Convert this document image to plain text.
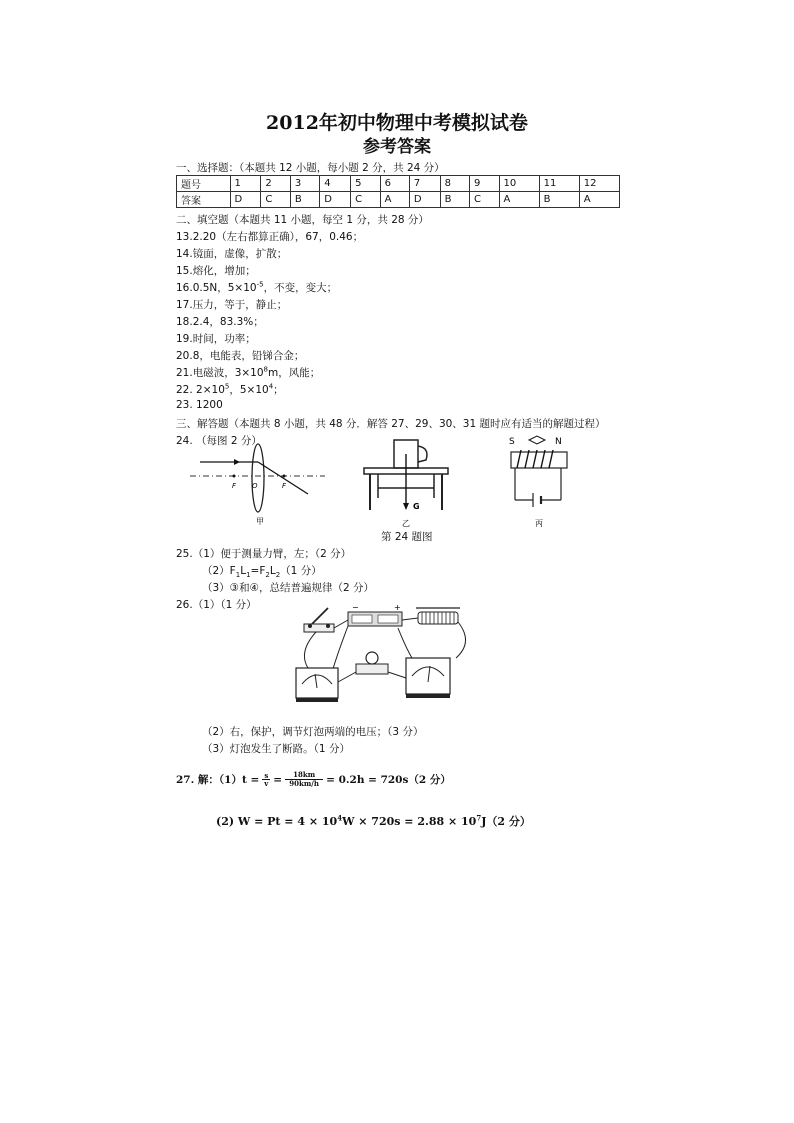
2012年初中物理中考模拟试卷
参考答案
一、选择题：（本题共 12 小题，每小题 2 分，共 24 分）
题号	1	2	3	4	5	6	7	8	9	10	11	12
答案	D	C	B	D	C	A	D	B	C	A	B	A
二、填空题（本题共 11 小题，每空 1 分，共 28 分）
13.2.20（左右都算正确），67，0.46；
14.镜面，虚像，扩散；
15.熔化，增加；
16.0.5N，$5\times 10^{-5}$，不变，变大；
17.压力，等于，静止；
18.2.4，83.3%；
19.时间，功率；
20.8，电能表，铅锑合金；
21.电磁波，$3\times 10^8m$，风能；
22. $2\times 10^5$，$5\times 10^4$；
23. 1200
三、解答题（本题共 8 小题，共 48 分．解答 27、29、30、31 题时应有适当的解题过程）
24. （每图 2 分）
F O	F
甲
G
乙
S	N
丙
第 24 题图
25.（1）便于测量力臂，左；（2 分）
$(2)F_1L_1=F_2L_2(1$ 分）
（3）③和④，总结普遍规律（2 分）
26.（1）（1 分）	−	+
（2）右，保护，调节灯泡两端的电压；（3 分）
（3）灯泡发生了断路。（1 分）
27. 解：（1）t = s
v = 18km
90km/h = 0.2h = 720s（2 分）
(2) $W = Pt = 4 \times 10^4W \times 720s = 2.88 \times 10^7J(2$ 分）
